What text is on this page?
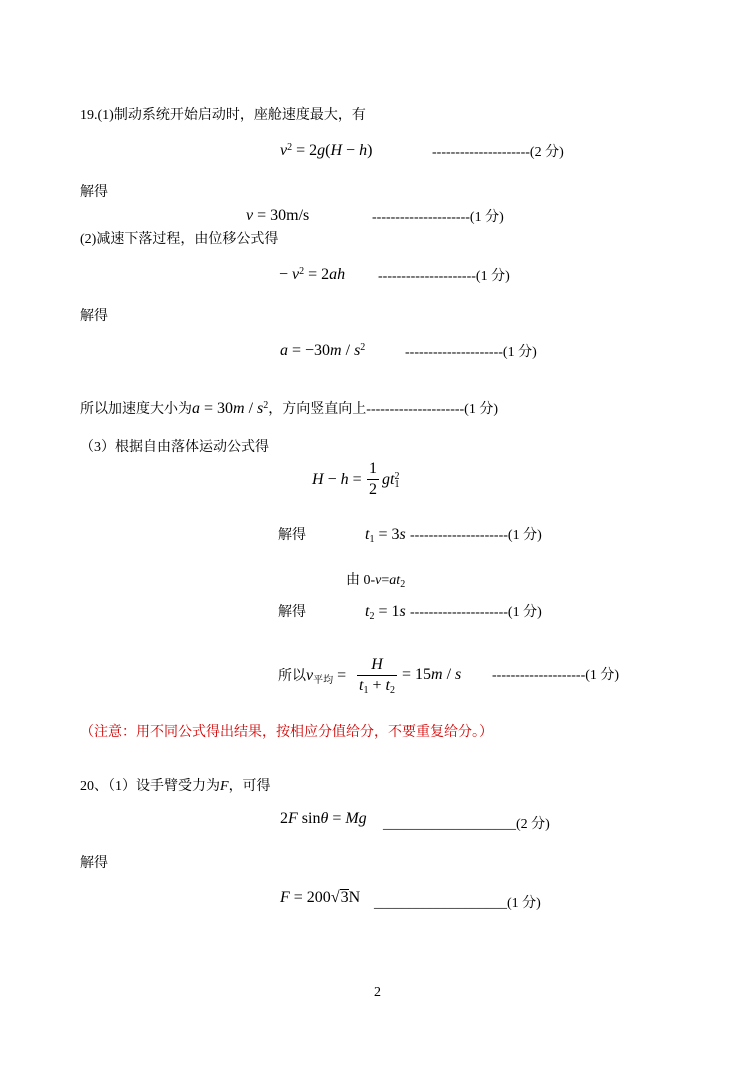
19.(1)制动系统开始启动时，座舱速度最大，有
$v^2 = 2g(H - h)$	---------------------(2 分)
解得
v = 30m/s	---------------------(1 分)
(2)减速下落过程，由位移公式得
− $v^2 = 2ah$ ---------------------(1 分)
解得
$a = -30m / s^2$	---------------------(1 分)
所以加速度大小为$a = 30m / s^2$，方向竖直向上---------------------(1 分)
（3）根据自由落体运动公式得
H − h =
1
2
$gt_1^2$
解得	$t_1 = 3s$ ---------------------(1 分)
由 $0-v=at_2$
解得	$t_2 = 1s$ ---------------------(1 分)
所以$v_{平均}$ =
H
$t_1 + t_2$
= 15m / s --------------------(1 分)
（注意：用不同公式得出结果，按相应分值给分，不要重复给分。）
20、（1）设手臂受力为F，可得
2F sinθ = Mg ___________________(2 分)
解得
F = 200√3N ___________________(1 分)
2
